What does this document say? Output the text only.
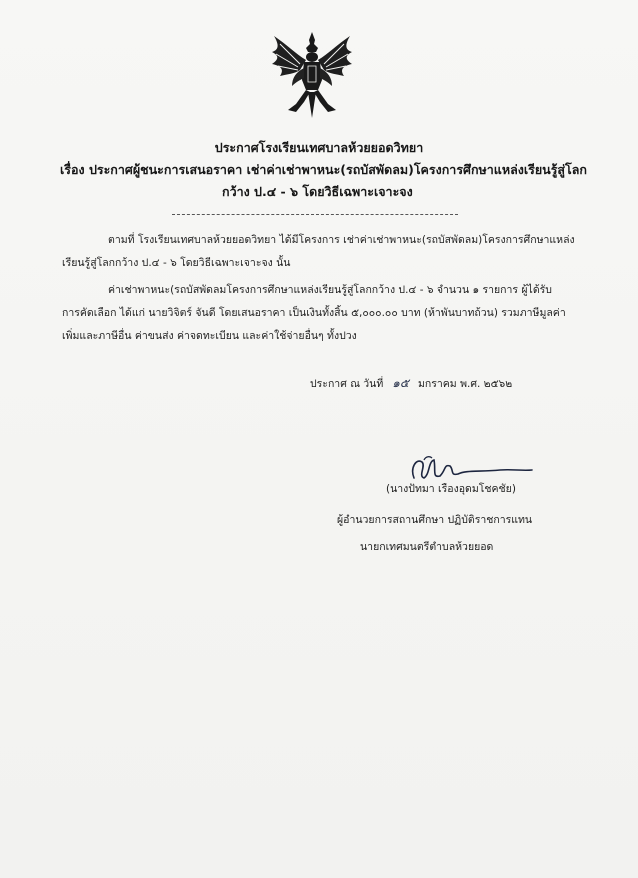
ประกาศโรงเรียนเทศบาลห้วยยอดวิทยา
เรื่อง ประกาศผู้ชนะการเสนอราคา เช่าค่าเช่าพาหนะ(รถบัสพัดลม)โครงการศึกษาแหล่งเรียนรู้สู่โลก
กว้าง ป.๔ - ๖ โดยวิธีเฉพาะเจาะจง
ตามที่ โรงเรียนเทศบาลห้วยยอดวิทยา ได้มีโครงการ เช่าค่าเช่าพาหนะ(รถบัสพัดลม)โครงการศึกษาแหล่ง
เรียนรู้สู่โลกกว้าง ป.๔ - ๖ โดยวิธีเฉพาะเจาะจง นั้น
ค่าเช่าพาหนะ(รถบัสพัดลมโครงการศึกษาแหล่งเรียนรู้สู่โลกกว้าง ป.๔ - ๖ จำนวน ๑ รายการ ผู้ได้รับ
การคัดเลือก ได้แก่ นายวิจิตร์ จันดี โดยเสนอราคา เป็นเงินทั้งสิ้น ๕,๐๐๐.๐๐ บาท (ห้าพันบาทถ้วน) รวมภาษีมูลค่า
เพิ่มและภาษีอื่น ค่าขนส่ง ค่าจดทะเบียน และค่าใช้จ่ายอื่นๆ ทั้งปวง
ประกาศ ณ วันที่ ๑๕ มกราคม พ.ศ. ๒๕๖๒
(นางปัทมา เรืองอุดมโชคชัย)
ผู้อำนวยการสถานศึกษา ปฏิบัติราชการแทน
นายกเทศมนตรีตำบลห้วยยอด
